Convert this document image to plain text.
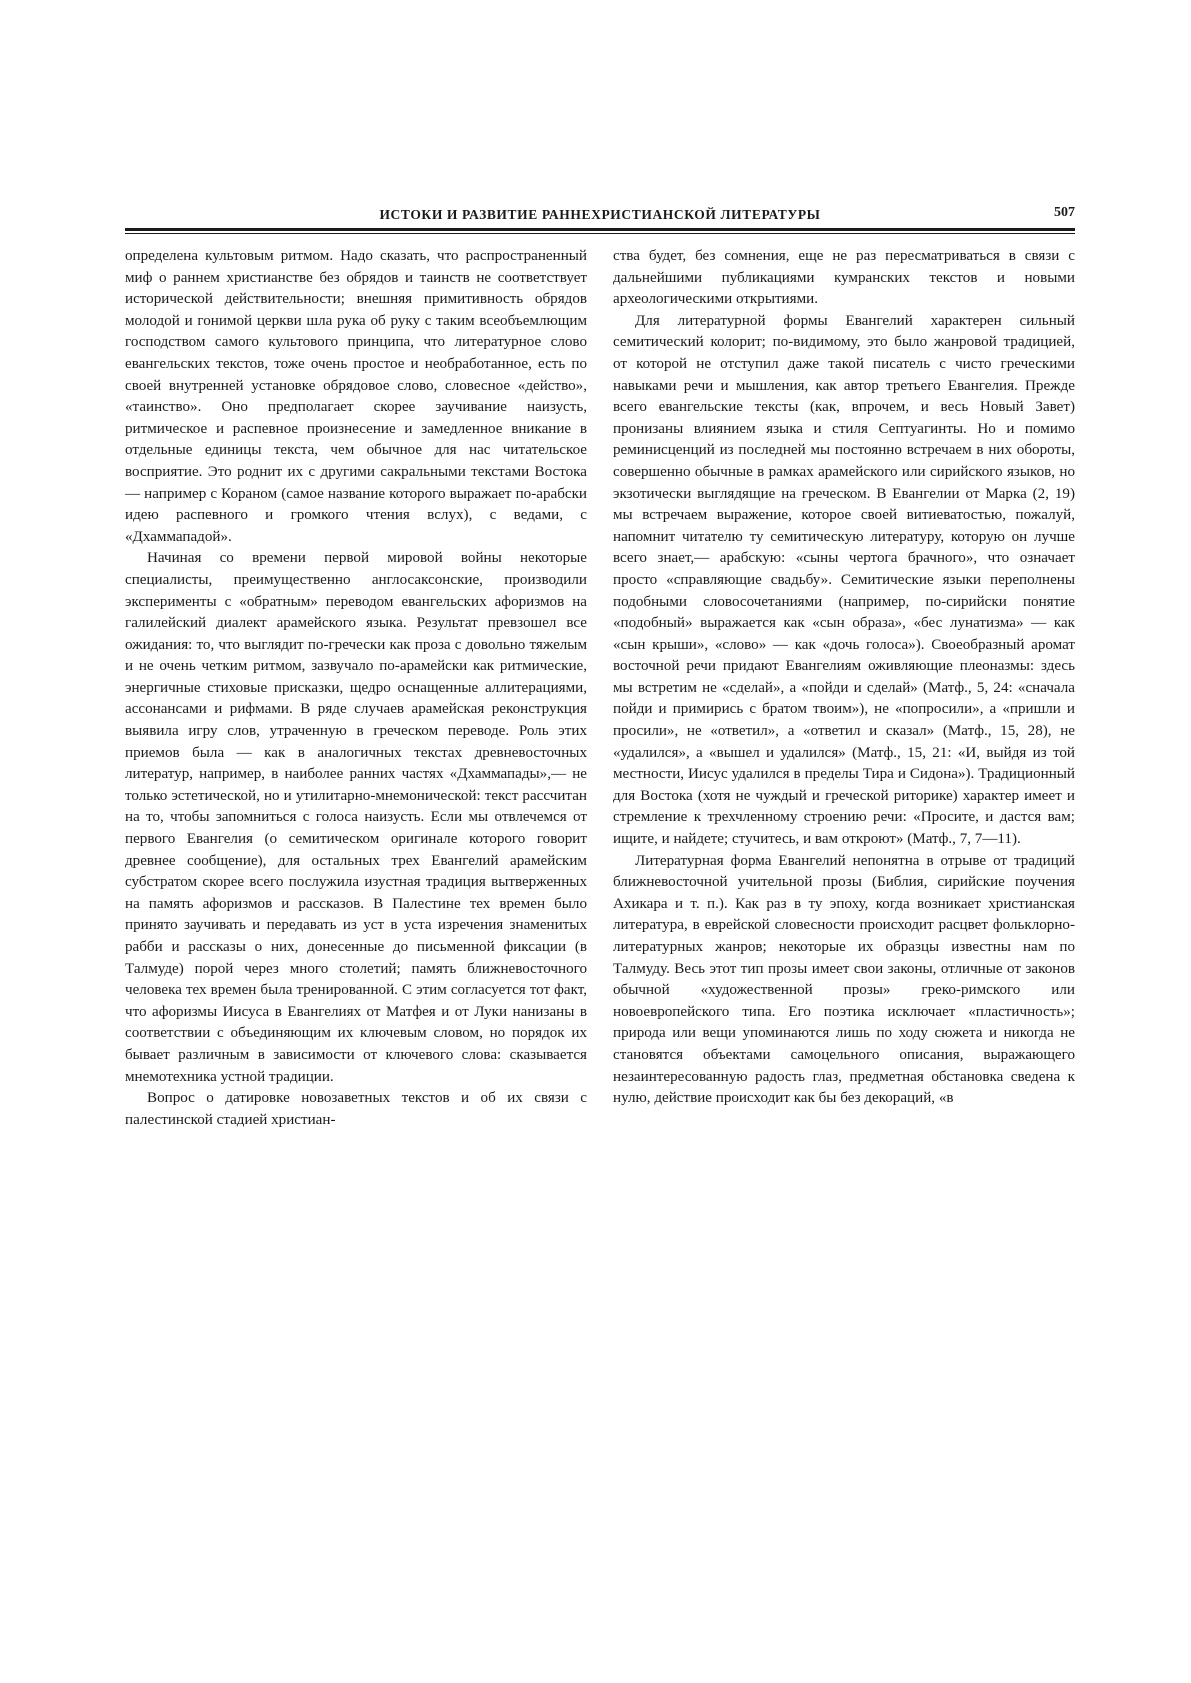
ИСТОКИ И РАЗВИТИЕ РАННЕХРИСТИАНСКОЙ ЛИТЕРАТУРЫ	507

определена культовым ритмом. Надо сказать, что распространенный миф о раннем христианстве без обрядов и таинств не соответствует исторической действительности; внешняя примитивность обрядов молодой и гонимой церкви шла рука об руку с таким всеобъемлющим господством самого культового принципа, что литературное слово евангельских текстов, тоже очень простое и необработанное, есть по своей внутренней установке обрядовое слово, словесное «действо», «таинство». Оно предполагает скорее заучивание наизусть, ритмическое и распевное произнесение и замедленное вникание в отдельные единицы текста, чем обычное для нас читательское восприятие. Это роднит их с другими сакральными текстами Востока — например с Кораном (самое название которого выражает по-арабски идею распевного и громкого чтения вслух), с ведами, с «Дхаммападой».

Начиная со времени первой мировой войны некоторые специалисты, преимущественно англосаксонские, производили эксперименты с «обратным» переводом евангельских афоризмов на галилейский диалект арамейского языка. Результат превзошел все ожидания: то, что выглядит по-гречески как проза с довольно тяжелым и не очень четким ритмом, зазвучало по-арамейски как ритмические, энергичные стиховые присказки, щедро оснащенные аллитерациями, ассонансами и рифмами. В ряде случаев арамейская реконструкция выявила игру слов, утраченную в греческом переводе. Роль этих приемов была — как в аналогичных текстах древневосточных литератур, например, в наиболее ранних частях «Дхаммапады»,— не только эстетической, но и утилитарно-мнемонической: текст рассчитан на то, чтобы запомниться с голоса наизусть. Если мы отвлечемся от первого Евангелия (о семитическом оригинале которого говорит древнее сообщение), для остальных трех Евангелий арамейским субстратом скорее всего послужила изустная традиция вытверженных на память афоризмов и рассказов. В Палестине тех времен было принято заучивать и передавать из уст в уста изречения знаменитых рабби и рассказы о них, донесенные до письменной фиксации (в Талмуде) порой через много столетий; память ближневосточного человека тех времен была тренированной. С этим согласуется тот факт, что афоризмы Иисуса в Евангелиях от Матфея и от Луки нанизаны в соответствии с объединяющим их ключевым словом, но порядок их бывает различным в зависимости от ключевого слова: сказывается мнемотехника устной традиции.

Вопрос о датировке новозаветных текстов и об их связи с палестинской стадией христиан-

ства будет, без сомнения, еще не раз пересматриваться в связи с дальнейшими публикациями кумранских текстов и новыми археологическими открытиями.

Для литературной формы Евангелий характерен сильный семитический колорит; по-видимому, это было жанровой традицией, от которой не отступил даже такой писатель с чисто греческими навыками речи и мышления, как автор третьего Евангелия. Прежде всего евангельские тексты (как, впрочем, и весь Новый Завет) пронизаны влиянием языка и стиля Септуагинты. Но и помимо реминисценций из последней мы постоянно встречаем в них обороты, совершенно обычные в рамках арамейского или сирийского языков, но экзотически выглядящие на греческом. В Евангелии от Марка (2, 19) мы встречаем выражение, которое своей витиеватостью, пожалуй, напомнит читателю ту семитическую литературу, которую он лучше всего знает,— арабскую: «сыны чертога брачного», что означает просто «справляющие свадьбу». Семитические языки переполнены подобными словосочетаниями (например, по-сирийски понятие «подобный» выражается как «сын образа», «бес лунатизма» — как «сын крыши», «слово» — как «дочь голоса»). Своеобразный аромат восточной речи придают Евангелиям оживляющие плеоназмы: здесь мы встретим не «сделай», а «пойди и сделай» (Матф., 5, 24: «сначала пойди и примирись с братом твоим»), не «попросили», а «пришли и просили», не «ответил», а «ответил и сказал» (Матф., 15, 28), не «удалился», а «вышел и удалился» (Матф., 15, 21: «И, выйдя из той местности, Иисус удалился в пределы Тира и Сидона»). Традиционный для Востока (хотя не чуждый и греческой риторике) характер имеет и стремление к трехчленному строению речи: «Просите, и дастся вам; ищите, и найдете; стучитесь, и вам откроют» (Матф., 7, 7—11).

Литературная форма Евангелий непонятна в отрыве от традиций ближневосточной учительной прозы (Библия, сирийские поучения Ахикара и т. п.). Как раз в ту эпоху, когда возникает христианская литература, в еврейской словесности происходит расцвет фольклорно-литературных жанров; некоторые их образцы известны нам по Талмуду. Весь этот тип прозы имеет свои законы, отличные от законов обычной «художественной прозы» греко-римского или новоевропейского типа. Его поэтика исключает «пластичность»; природа или вещи упоминаются лишь по ходу сюжета и никогда не становятся объектами самоцельного описания, выражающего незаинтересованную радость глаз, предметная обстановка сведена к нулю, действие происходит как бы без декораций, «в
